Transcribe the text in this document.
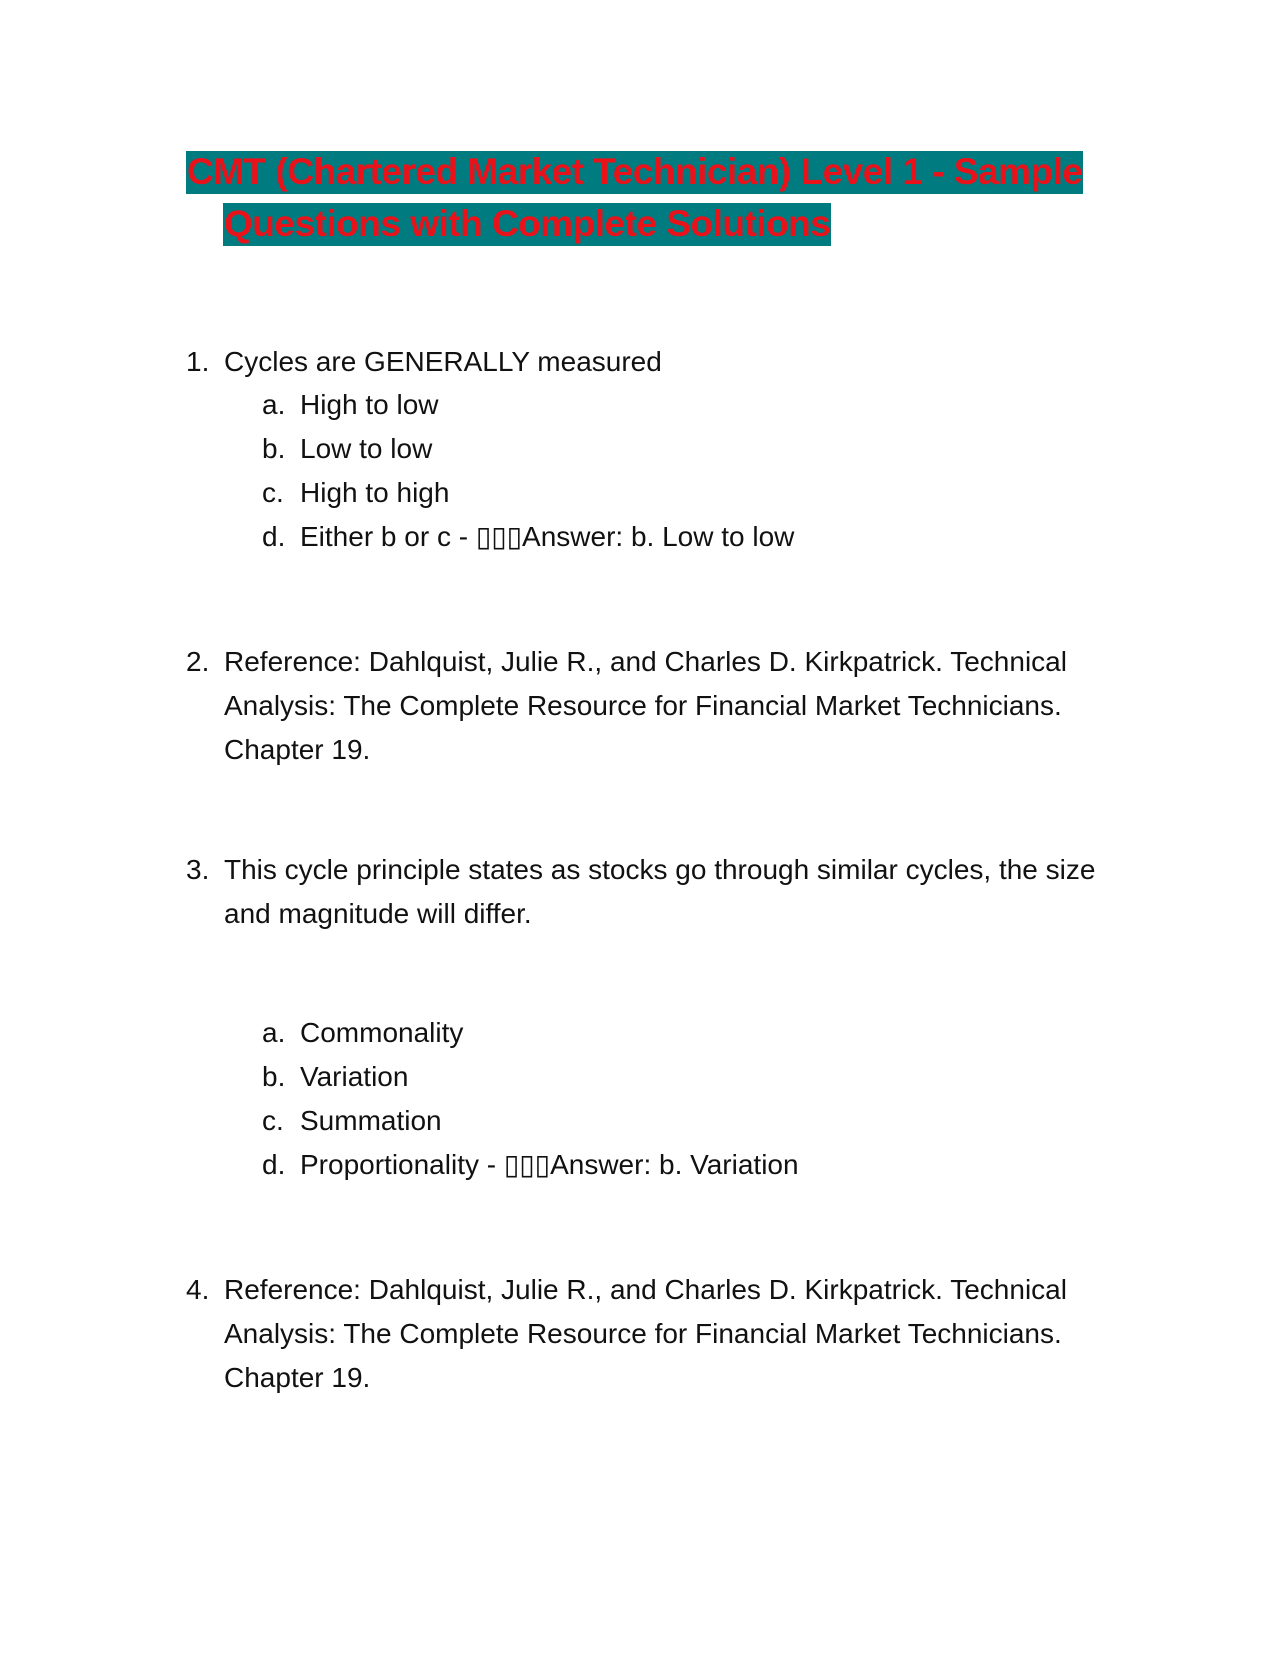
CMT (Chartered Market Technician) Level 1 - Sample
Questions with Complete Solutions
1. Cycles are GENERALLY measured
a. High to low
b. Low to low
c. High to high
d. Either b or c - ▯▯▯Answer: b. Low to low
2. Reference: Dahlquist, Julie R., and Charles D. Kirkpatrick. Technical Analysis: The Complete Resource for Financial Market Technicians. Chapter 19.
3. This cycle principle states as stocks go through similar cycles, the size and magnitude will differ.
a. Commonality
b. Variation
c. Summation
d. Proportionality - ▯▯▯Answer: b. Variation
4. Reference: Dahlquist, Julie R., and Charles D. Kirkpatrick. Technical Analysis: The Complete Resource for Financial Market Technicians. Chapter 19.
